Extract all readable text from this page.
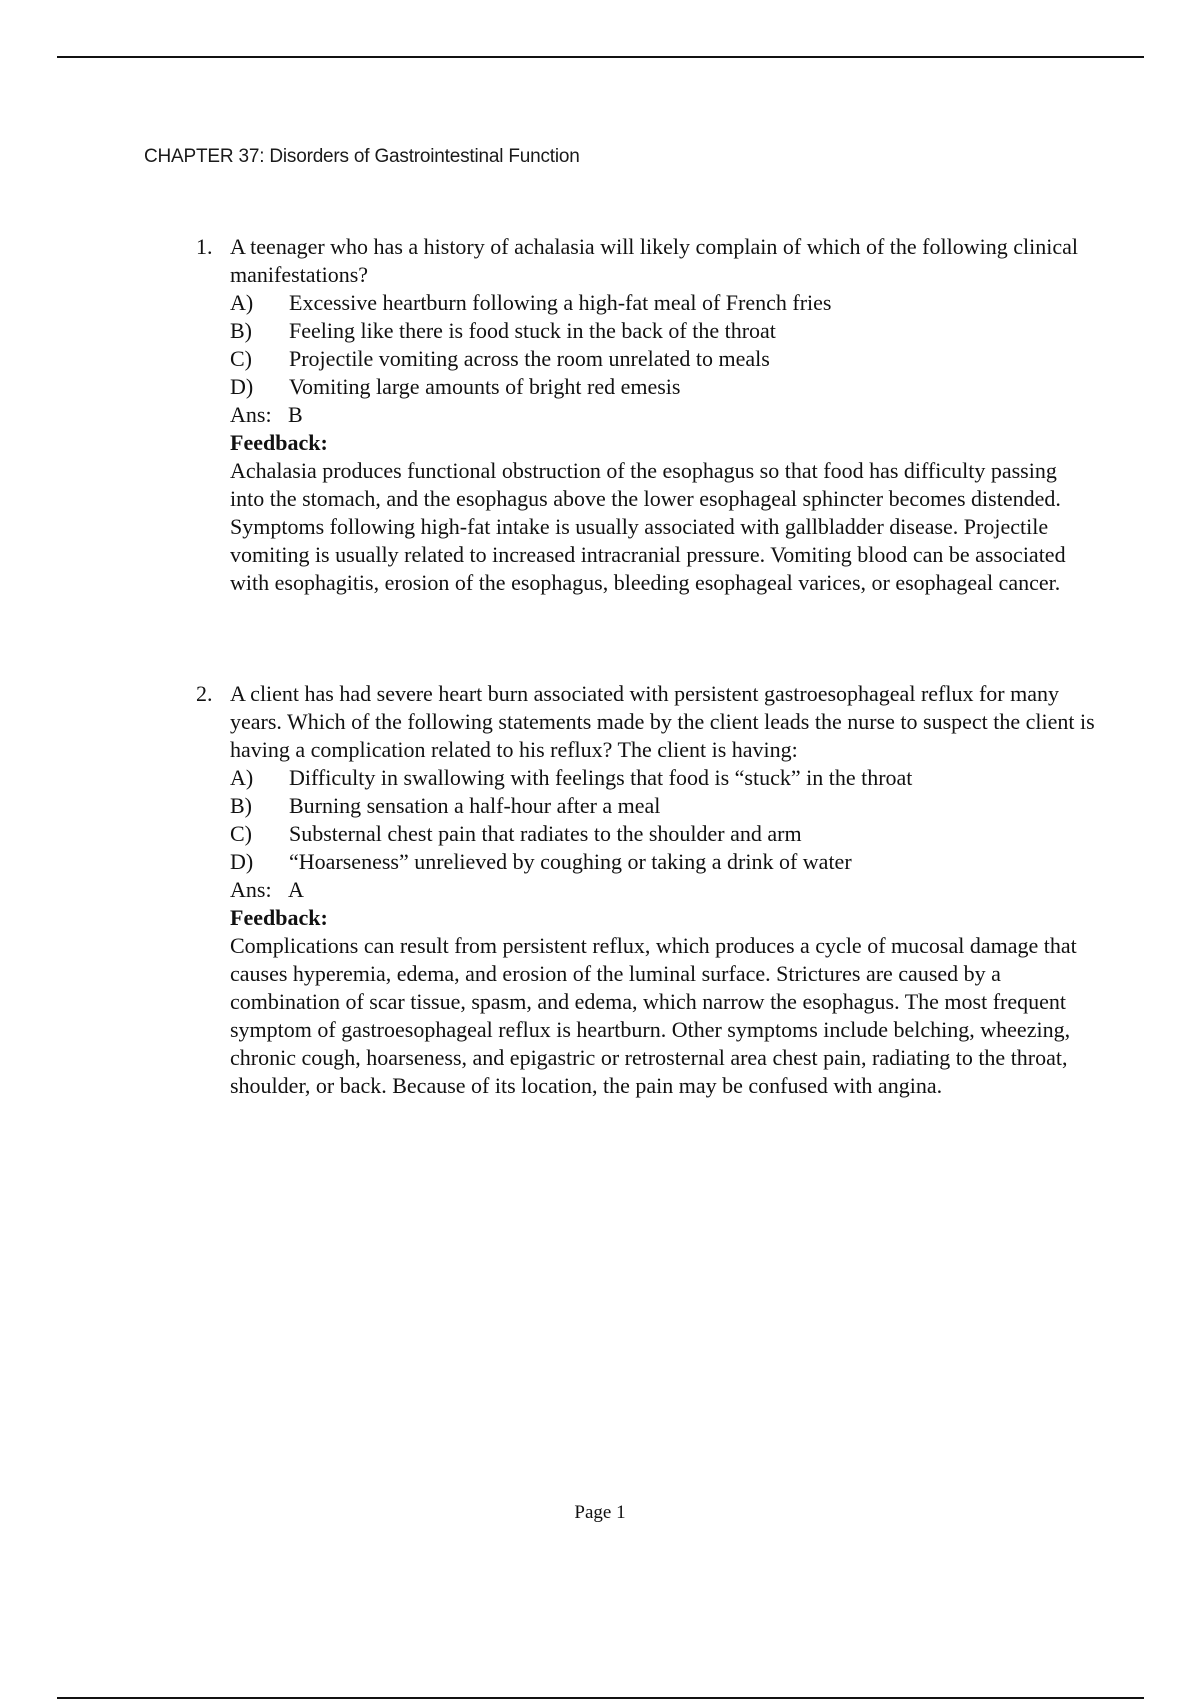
CHAPTER 37: Disorders of Gastrointestinal Function
1. A teenager who has a history of achalasia will likely complain of which of the following clinical manifestations?

A)	Excessive heartburn following a high-fat meal of French fries
B)	Feeling like there is food stuck in the back of the throat
C)	Projectile vomiting across the room unrelated to meals
D)	Vomiting large amounts of bright red emesis
Ans: B
Feedback:

Achalasia produces functional obstruction of the esophagus so that food has difficulty passing into the stomach, and the esophagus above the lower esophageal sphincter becomes distended. Symptoms following high-fat intake is usually associated with gallbladder disease. Projectile vomiting is usually related to increased intracranial pressure. Vomiting blood can be associated with esophagitis, erosion of the esophagus, bleeding esophageal varices, or esophageal cancer.

2. A client has had severe heart burn associated with persistent gastroesophageal reflux for many years. Which of the following statements made by the client leads the nurse to suspect the client is having a complication related to his reflux? The client is having:

A)	Difficulty in swallowing with feelings that food is “stuck” in the throat
B)	Burning sensation a half-hour after a meal
C)	Substernal chest pain that radiates to the shoulder and arm
D)	“Hoarseness” unrelieved by coughing or taking a drink of water
Ans: A
Feedback:

Complications can result from persistent reflux, which produces a cycle of mucosal damage that causes hyperemia, edema, and erosion of the luminal surface. Strictures are caused by a combination of scar tissue, spasm, and edema, which narrow the esophagus. The most frequent symptom of gastroesophageal reflux is heartburn. Other symptoms include belching, wheezing, chronic cough, hoarseness, and epigastric or retrosternal area chest pain, radiating to the throat, shoulder, or back. Because of its location, the pain may be confused with angina.

Page 1
